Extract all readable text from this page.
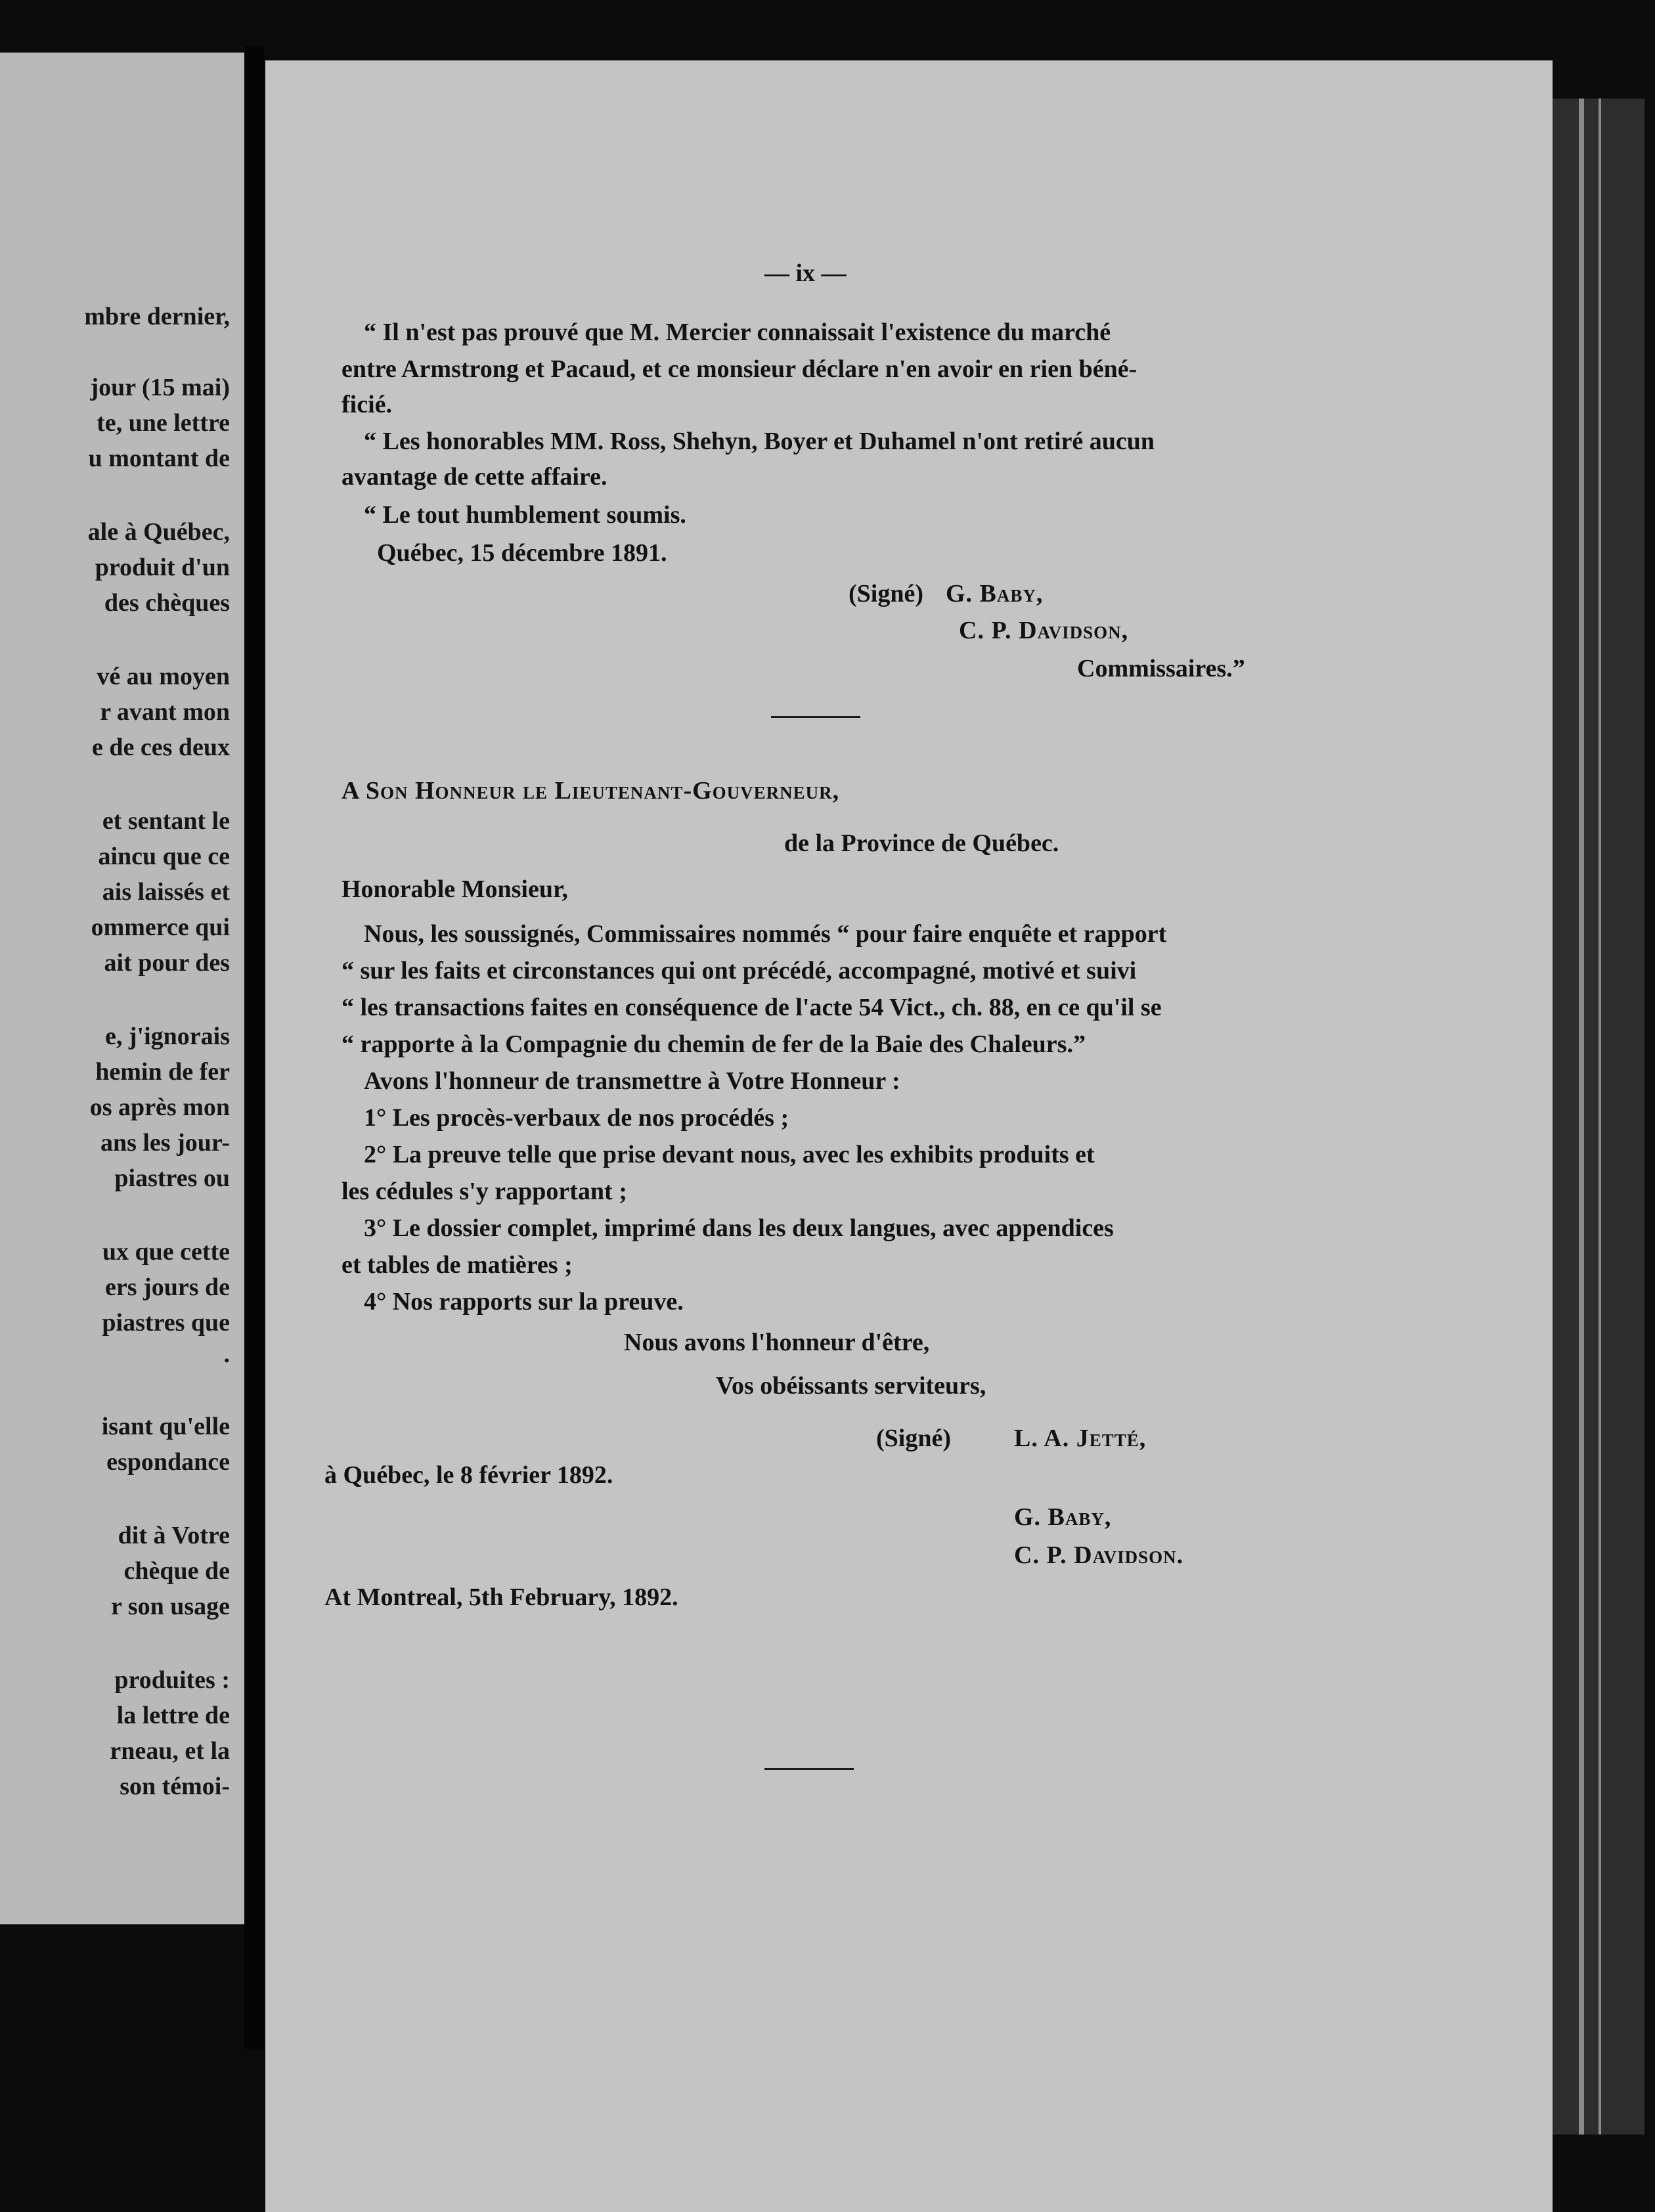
mbre dernier,
jour (15 mai)
te, une lettre
u montant de
ale à Québec,
produit d'un
des chèques
vé au moyen
r avant mon
e de ces deux
et sentant le
aincu que ce
ais laissés et
ommerce qui
ait pour des
e, j'ignorais
hemin de fer
os après mon
ans les jour-
piastres ou
ux que cette
ers jours de
piastres que
.
isant qu'elle
espondance
dit à Votre
chèque de
r son usage
produites :
la lettre de
rneau, et la
son témoi-
— ix —
“ Il n'est pas prouvé que M. Mercier connaissait l'existence du marché
entre Armstrong et Pacaud, et ce monsieur déclare n'en avoir en rien béné-
ficié.
“ Les honorables MM. Ross, Shehyn, Boyer et Duhamel n'ont retiré aucun
avantage de cette affaire.
“ Le tout humblement soumis.
Québec, 15 décembre 1891.
(Signé) G. Baby,
C. P. Davidson,
Commissaires.”
A Son Honneur le Lieutenant-Gouverneur,
de la Province de Québec.
Honorable Monsieur,
Nous, les soussignés, Commissaires nommés “ pour faire enquête et rapport
“ sur les faits et circonstances qui ont précédé, accompagné, motivé et suivi
“ les transactions faites en conséquence de l'acte 54 Vict., ch. 88, en ce qu'il se
“ rapporte à la Compagnie du chemin de fer de la Baie des Chaleurs.”
Avons l'honneur de transmettre à Votre Honneur :
1° Les procès-verbaux de nos procédés ;
2° La preuve telle que prise devant nous, avec les exhibits produits et
les cédules s'y rapportant ;
3° Le dossier complet, imprimé dans les deux langues, avec appendices
et tables de matières ;
4° Nos rapports sur la preuve.
Nous avons l'honneur d'être,
Vos obéissants serviteurs,
(Signé)	L. A. Jetté,
à Québec, le 8 février 1892.
G. Baby,
C. P. Davidson.
At Montreal, 5th February, 1892.
